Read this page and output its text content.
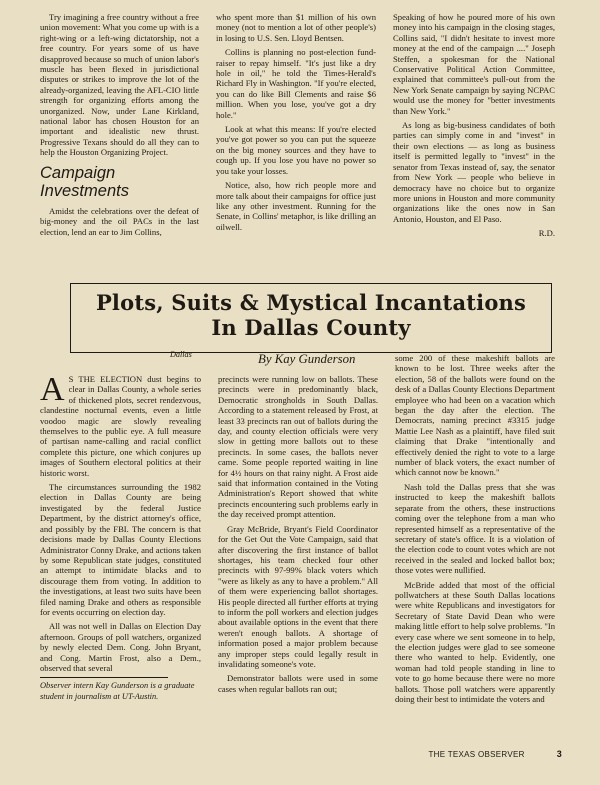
Try imagining a free country without a free union movement: What you come up with is a right-wing or a left-wing dictatorship, not a free country. For years some of us have disapproved because so much of union labor's muscle has been flexed in jurisdictional disputes or strikes to improve the lot of the already-organized, leaving the AFL-CIO little strength for organizing efforts among the unorganized. Now, under Lane Kirkland, national labor has chosen Houston for an important and idealistic new thrust. Progressive Texans should do all they can to help the Houston Organizing Project.

Campaign Investments

Amidst the celebrations over the defeat of big-money and the oil PACs in the last election, lend an ear to Jim Collins,

who spent more than $1 million of his own money (not to mention a lot of other people's) in losing to U.S. Sen. Lloyd Bentsen.

Collins is planning no post-election fund-raiser to repay himself. "It's just like a dry hole in oil," he told the Times-Herald's Richard Fly in Washington. "If you're elected, you can do like Bill Clements and raise $6 million. When you lose, you've got a dry hole."

Look at what this means: If you're elected you've got power so you can put the squeeze on the big money sources and they have to cough up. If you lose you have no power so you take your losses.

Notice, also, how rich people more and more talk about their campaigns for office just like any other investment. Running for the Senate, in Collins' metaphor, is like drilling an oilwell.

Speaking of how he poured more of his own money into his campaign in the closing stages, Collins said, "I didn't hesitate to invest more money at the end of the campaign ...." Joseph Steffen, a spokesman for the National Conservative Political Action Committee, explained that committee's pull-out from the New York Senate campaign by saying NCPAC would use the money for "better investments than New York."

As long as big-business candidates of both parties can simply come in and "invest" in their own elections — as long as business itself is permitted legally to "invest" in the senator from Texas instead of, say, the senator from New York — people who believe in democracy have no choice but to organize more unions in Houston and more community organizations like the ones now in San Antonio, Houston, and El Paso.

R.D.

Plots, Suits & Mystical Incantations
In Dallas County
Dallas	By Kay Gunderson

A S THE ELECTION dust begins to clear in Dallas County, a whole series of thickened plots, secret rendezvous, clandestine nocturnal events, even a little voodoo magic are slowly revealing themselves to the public eye. A full measure of partisan name-calling and racial conflict complete this picture, one which conjures up images of Southern electoral politics at their historic worst.

The circumstances surrounding the 1982 election in Dallas County are being investigated by the federal Justice Department, by the district attorney's office, and possibly by the FBI. The concern is that decisions made by Dallas County Elections Administrator Conny Drake, and actions taken by some Republican state judges, constituted an attempt to intimidate blacks and to discourage them from voting. In addition to the investigations, at least two suits have been filed naming Drake and others as responsible for events occurring on election day.

All was not well in Dallas on Election Day afternoon. Groups of poll watchers, organized by newly elected Dem. Cong. John Bryant, and Cong. Martin Frost, also a Dem., observed that several

Observer intern Kay Gunderson is a graduate student in journalism at UT-Austin.

precincts were running low on ballots. These precincts were in predominantly black, Democratic strongholds in South Dallas. According to a statement released by Frost, at least 33 precincts ran out of ballots during the day, and county election officials were very slow in getting more ballots out to these precincts. In some cases, the ballots never came. Some people reported waiting in line for 4½ hours on that rainy night. A Frost aide said that information contained in the Voting Administration's Report showed that white precincts encountering such problems early in the day received prompt attention.

Gray McBride, Bryant's Field Coordinator for the Get Out the Vote Campaign, said that after discovering the first instance of ballot shortages, his team checked four other precincts with 97-99% black voters which "were as likely as any to have a problem." All of them were experiencing ballot shortages. His people directed all further efforts at trying to inform the poll workers and election judges about available options in the event that there weren't enough ballots. A shortage of information posed a major problem because any improper steps could legally result in invalidating someone's vote.

Demonstrator ballots were used in some cases when regular ballots ran out;

some 200 of these makeshift ballots are known to be lost. Three weeks after the election, 58 of the ballots were found on the desk of a Dallas County Elections Department employee who had been on a vacation which began the day after the election. The Democrats, naming precinct #3315 judge Mattie Lee Nash as a plaintiff, have filed suit claiming that Drake "intentionally and effectively denied the right to vote to a large number of black voters, the exact number of which cannot now be known."

Nash told the Dallas press that she was instructed to keep the makeshift ballots separate from the others, these instructions coming over the telephone from a man who represented himself as a representative of the secretary of state's office. It is a violation of the election code to count votes which are not received in the sealed and locked ballot box; those votes were nullified.

McBride added that most of the official pollwatchers at these South Dallas locations were white Republicans and investigators for Secretary of State David Dean who were making little effort to help solve problems. "In every case where we sent someone in to help, the election judges were glad to see someone there who wanted to help. Evidently, one woman had told people standing in line to vote to go home because there were no more ballots. Those poll watchers were apparently doing their best to intimidate the voters and

THE TEXAS OBSERVER	3
